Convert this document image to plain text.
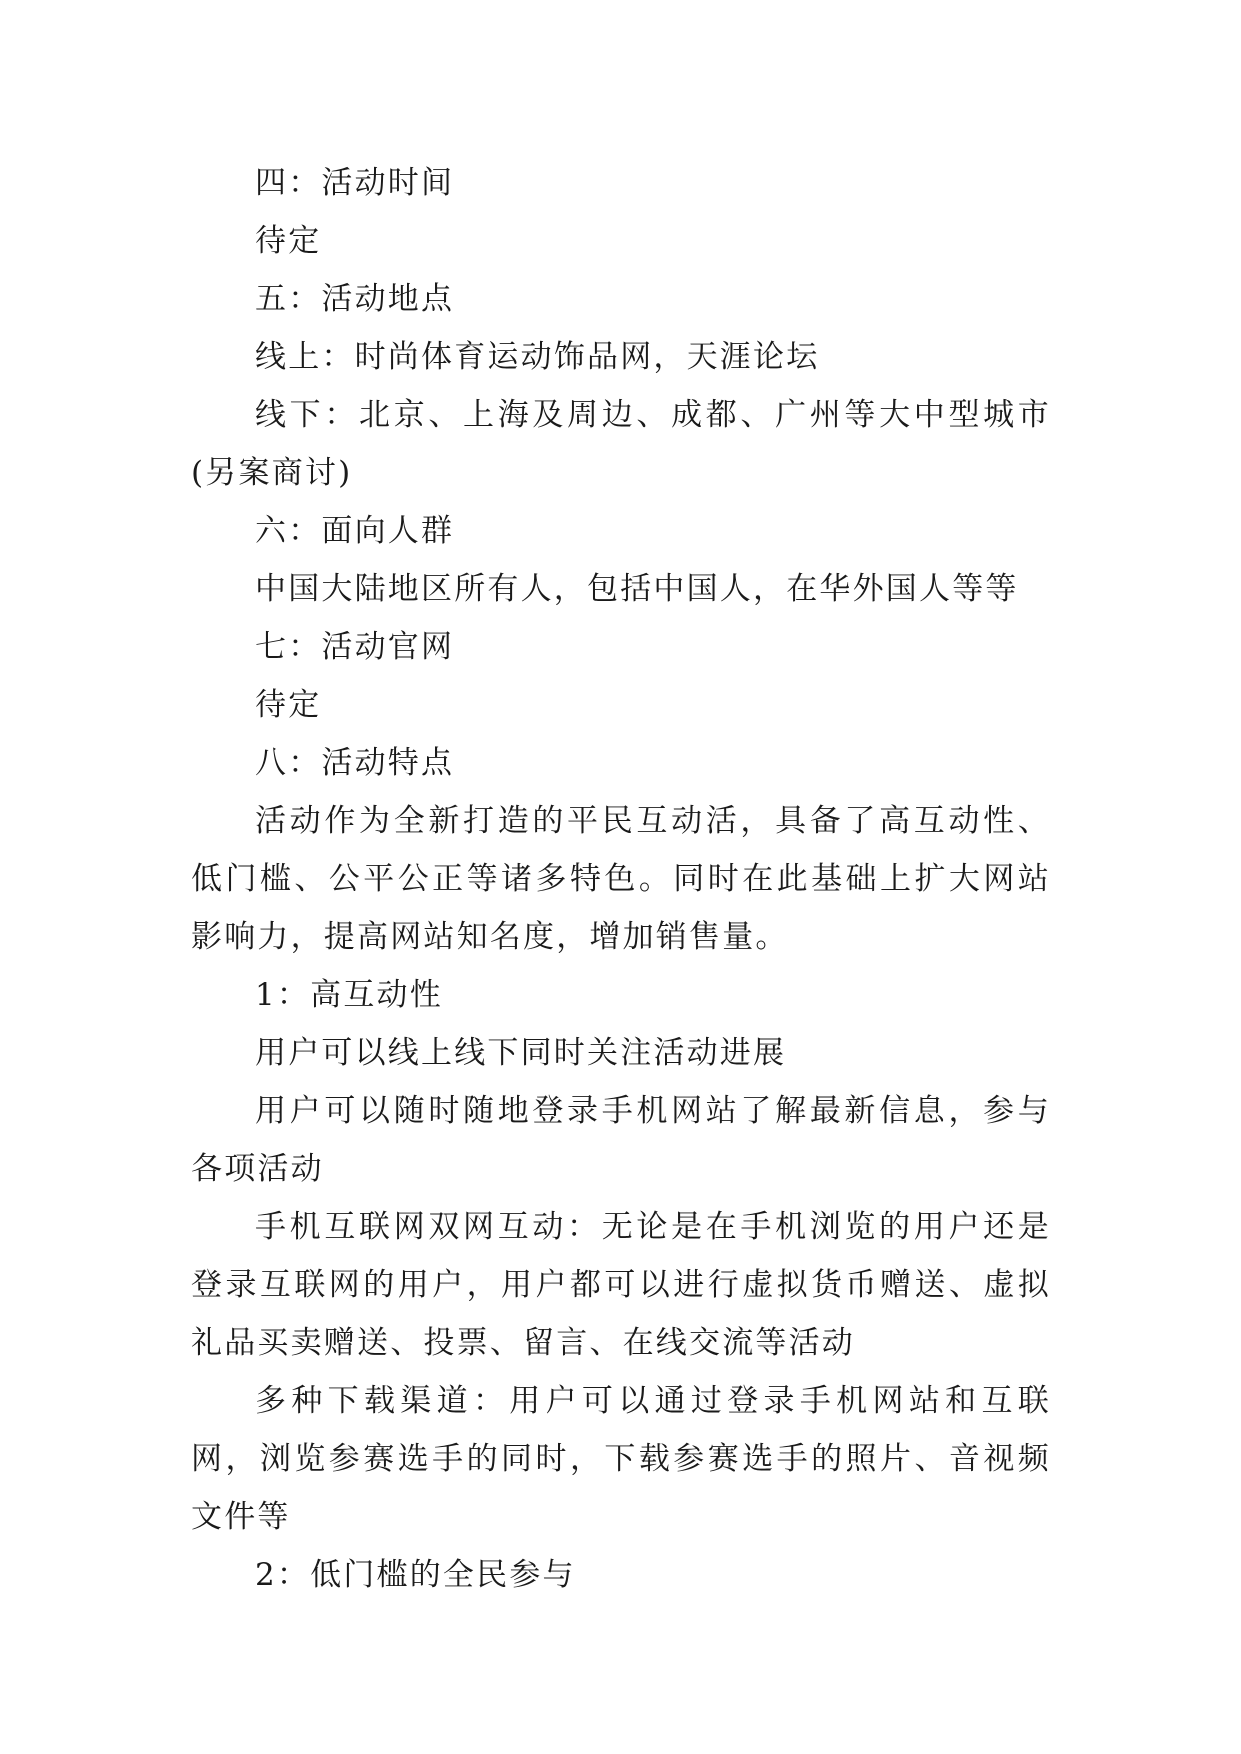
四：活动时间

待定

五：活动地点

线上：时尚体育运动饰品网，天涯论坛

线下：北京、上海及周边、成都、广州等大中型城市(另案商讨)

六：面向人群

中国大陆地区所有人，包括中国人，在华外国人等等

七：活动官网

待定

八：活动特点

活动作为全新打造的平民互动活，具备了高互动性、低门槛、公平公正等诸多特色。同时在此基础上扩大网站影响力，提高网站知名度，增加销售量。

1：高互动性

用户可以线上线下同时关注活动进展

用户可以随时随地登录手机网站了解最新信息，参与各项活动

手机互联网双网互动：无论是在手机浏览的用户还是登录互联网的用户，用户都可以进行虚拟货币赠送、虚拟礼品买卖赠送、投票、留言、在线交流等活动

多种下载渠道：用户可以通过登录手机网站和互联网，浏览参赛选手的同时，下载参赛选手的照片、音视频文件等

2：低门槛的全民参与
